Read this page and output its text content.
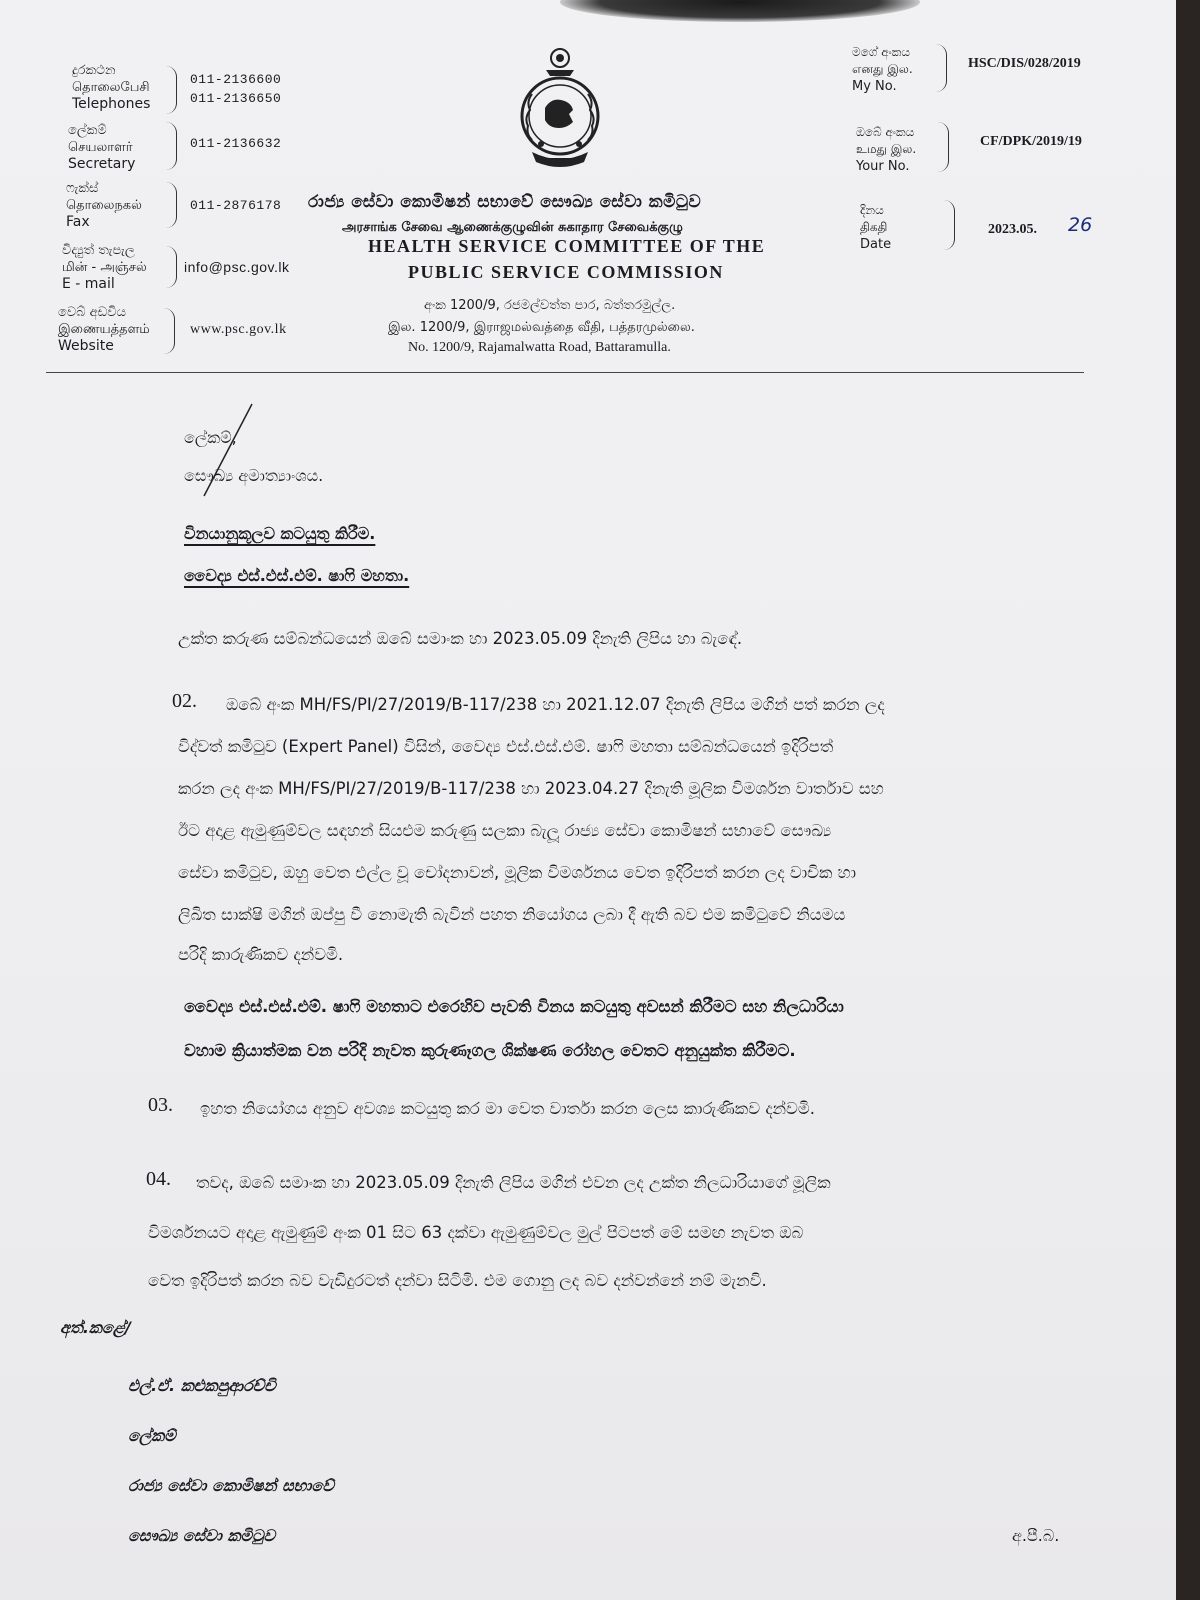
දුරකථන
தொலைபேசி
Telephones
011-2136600
011-2136650
ලේකම්
செயலாளர்
Secretary
011-2136632
ෆැක්ස්
தொலைநகல்
Fax
011-2876178
විද්‍යුත් තැපැල
மின் - அஞ்சல்
E - mail
info@psc.gov.lk
වෙබ් අඩවිය
இணையத்தளம்
Website
www.psc.gov.lk
රාජ්‍ය සේවා කොමිෂන් සභාවේ සෞඛ්‍ය සේවා කමිටුව
அரசாங்க சேவை ஆணைக்குழுவின் சுகாதார சேவைக்குழு
HEALTH SERVICE COMMITTEE OF THE
PUBLIC SERVICE COMMISSION
අංක 1200/9, රජමල්වත්ත පාර, බත්තරමුල්ල.
இல. 1200/9, இராஜமல்வத்தை வீதி, பத்தரமுல்லை.
No. 1200/9, Rajamalwatta Road, Battaramulla.
මගේ අංකය
எனது இல.
My No.
HSC/DIS/028/2019
ඔබේ අංකය
உமது இல.
Your No.
CF/DPK/2019/19
දිනය
திகதி
Date
2023.05. 26
ලේකම්,
සෞඛ්‍ය අමාත්‍යාංශය.
විනයානුකූලව කටයුතු කිරීම.
වෛද්‍ය එස්.එස්.එම්. ෂාෆි මහතා.
උක්ත කරුණ සම්බන්ධයෙන් ඔබේ සමාංක හා 2023.05.09 දිනැති ලිපිය හා බැඳේ.
02. ඔබේ අංක MH/FS/PI/27/2019/B-117/238 හා 2021.12.07 දිනැති ලිපිය මගින් පත් කරන ලද
විද්වත් කමිටුව (Expert Panel) විසින්, වෛද්‍ය එස්.එස්.එම්. ෂාෆි මහතා සම්බන්ධයෙන් ඉදිරිපත්
කරන ලද අංක MH/FS/PI/27/2019/B-117/238 හා 2023.04.27 දිනැති මූලික විමර්ශන වාර්තාව සහ
ඊට අදාළ ඇමුණුම්වල සඳහන් සියළුම කරුණු සලකා බැලූ රාජ්‍ය සේවා කොමිෂන් සභාවේ සෞඛ්‍ය
සේවා කමිටුව, ඔහු වෙත එල්ල වූ චෝදනාවන්, මූලික විමර්ශනය වෙත ඉදිරිපත් කරන ලද වාචික හා
ලිඛිත සාක්ෂි මගින් ඔප්පු වී නොමැති බැවින් පහත නියෝගය ලබා දී ඇති බව එම කමිටුවේ නියමය
පරිදි කාරුණිකව දන්වමි.
වෛද්‍ය එස්.එස්.එම්. ෂාෆි මහතාට එරෙහිව පැවති විනය කටයුතු අවසන් කිරීමට සහ නිලධාරියා
වහාම ක්‍රියාත්මක වන පරිදි නැවත කුරුණෑගල ශික්ෂණ රෝහල වෙතට අනුයුක්ත කිරීමට.
03. ඉහත නියෝගය අනුව අවශ්‍ය කටයුතු කර මා වෙත වාර්තා කරන ලෙස කාරුණිකව දන්වමි.
04. තවද, ඔබේ සමාංක හා 2023.05.09 දිනැති ලිපිය මගින් එවන ලද උක්ත නිලධාරියාගේ මූලික
විමර්ශනයට අදාළ ඇමුණුම් අංක 01 සිට 63 දක්වා ඇමුණුම්වල මුල් පිටපත් මේ සමඟ නැවත ඔබ
වෙත ඉදිරිපත් කරන බව වැඩිදුරටත් දන්වා සිටිමි. එම ගොනු ලද බව දන්වන්නේ නම් මැනවි.
අත්.කළේ/
එල්.ඒ. කළුකපුආරච්චි
ලේකම්
රාජ්‍ය සේවා කොමිෂන් සභාවේ
සෞඛ්‍ය සේවා කමිටුව	අ.පී.බ.
